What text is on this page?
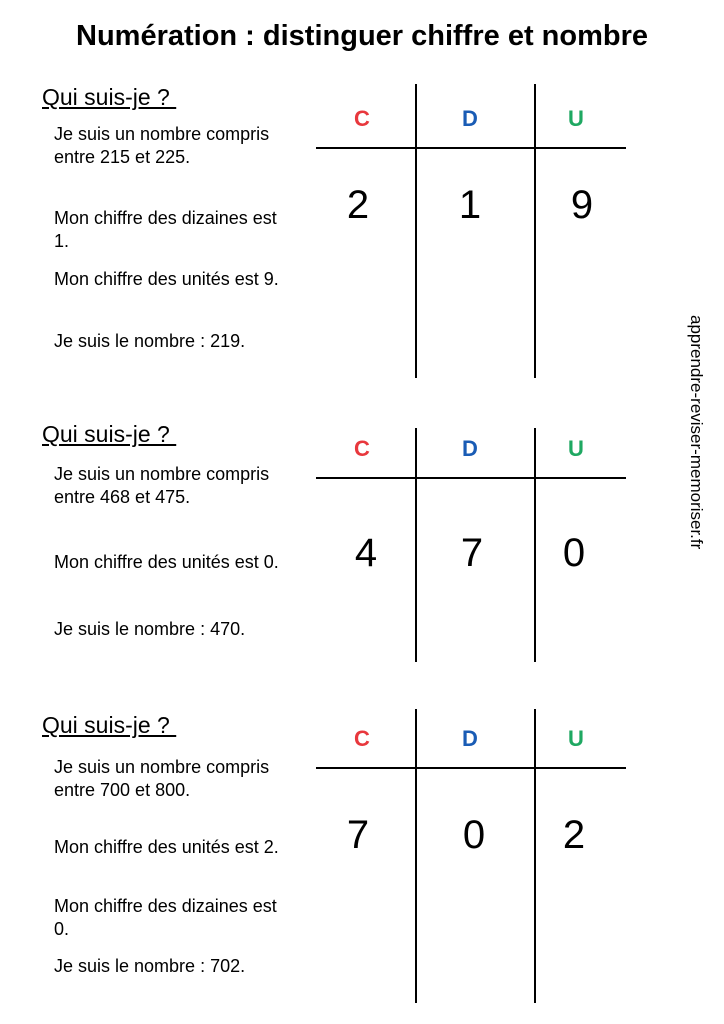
Numération : distinguer chiffre et nombre
Qui suis-je ?
Je suis un nombre compris entre 215 et 225.
Mon chiffre des dizaines est 1.
Mon chiffre des unités est 9.
Je suis le nombre : 219.
C	D	U
2	1	9
Qui suis-je ?
Je suis un nombre compris entre 468 et 475.
Mon chiffre des unités est 0.
Je suis le nombre : 470.
C	D	U
4	7	0
Qui suis-je ?
Je suis un nombre compris entre 700 et 800.
Mon chiffre des unités est 2.
Mon chiffre des dizaines est 0.
Je suis le nombre : 702.
C	D	U
7	0	2
apprendre-reviser-memoriser.fr
